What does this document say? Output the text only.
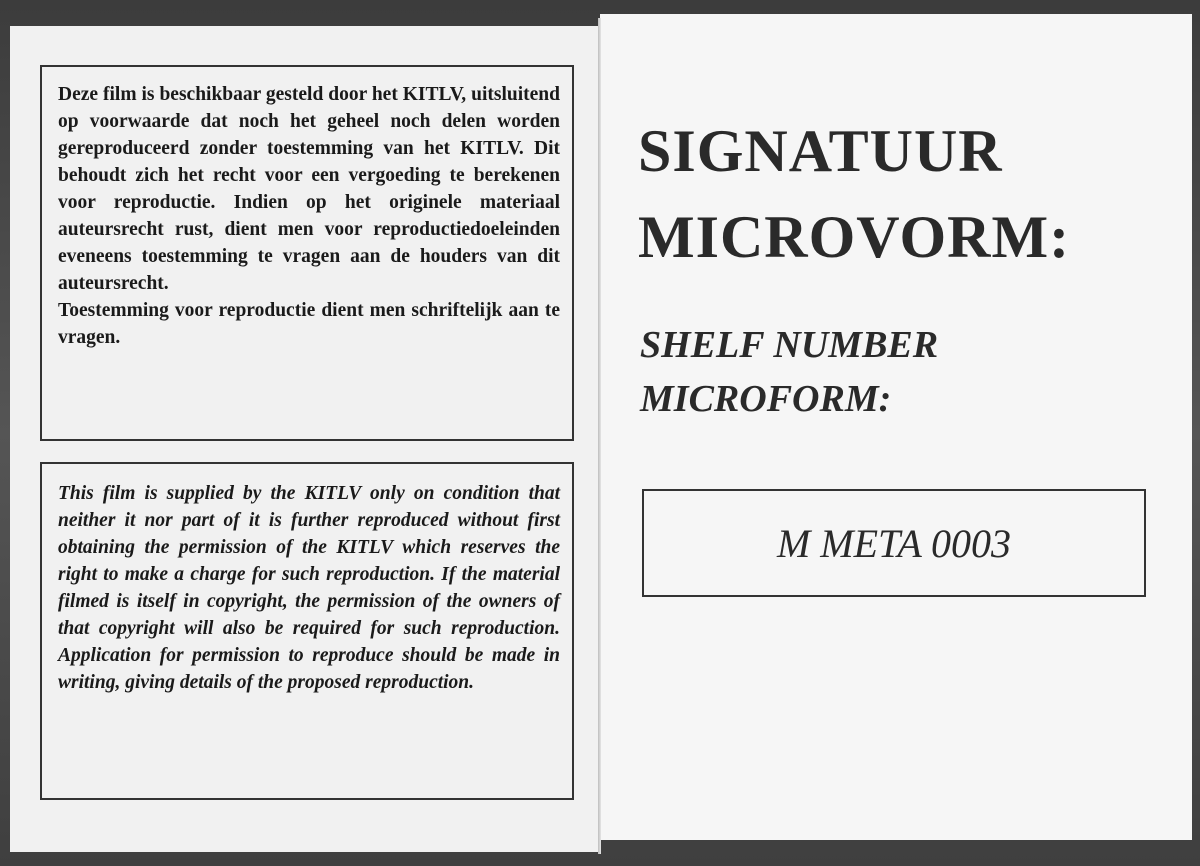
Deze film is beschikbaar gesteld door het KITLV, uitsluitend op voorwaarde dat noch het geheel noch delen worden gereproduceerd zonder toestemming van het KITLV. Dit behoudt zich het recht voor een vergoeding te berekenen voor reproductie. Indien op het originele materiaal auteursrecht rust, dient men voor reproductiedoeleinden eveneens toestemming te vragen aan de houders van dit auteursrecht.

Toestemming voor reproductie dient men schriftelijk aan te vragen.

This film is supplied by the KITLV only on condition that neither it nor part of it is further reproduced without first obtaining the permission of the KITLV which reserves the right to make a charge for such reproduction. If the material filmed is itself in copyright, the permission of the owners of that copyright will also be required for such reproduction. Application for permission to reproduce should be made in writing, giving details of the proposed reproduction.

SIGNATUUR
MICROVORM:
SHELF NUMBER
MICROFORM:
M META 0003
